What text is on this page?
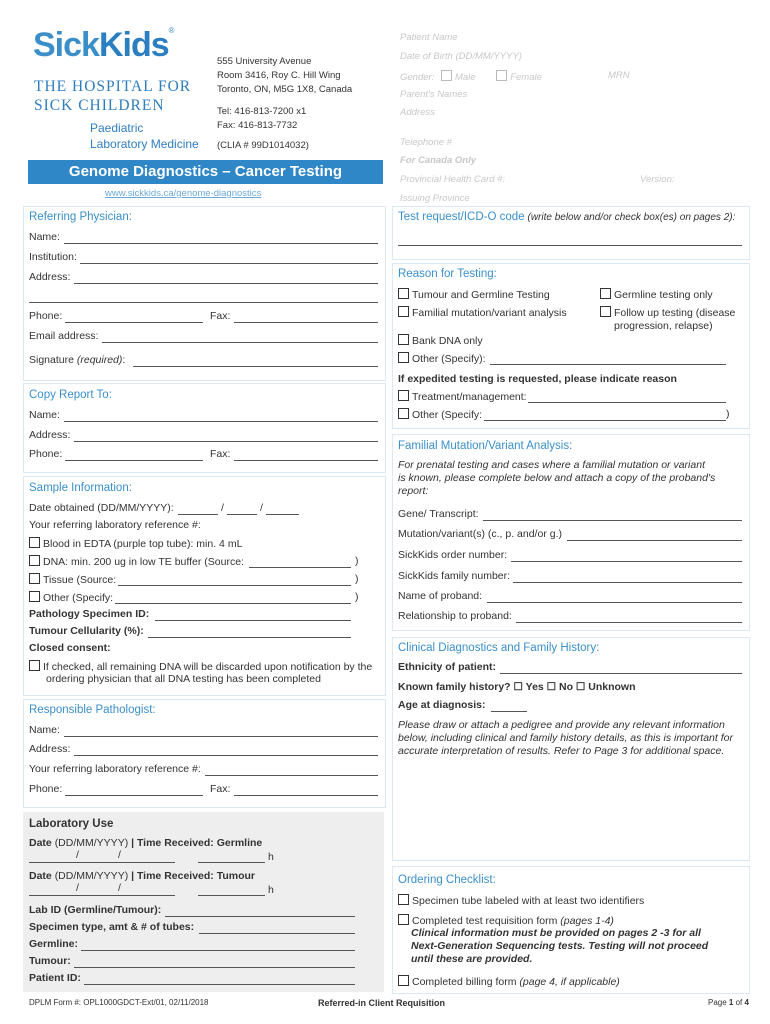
SickKids®
THE HOSPITAL FOR
SICK CHILDREN
Paediatric
Laboratory Medicine
555 University Avenue
Room 3416, Roy C. Hill Wing
Toronto, ON, M5G 1X8, Canada
Tel: 416-813-7200 x1
Fax: 416-813-7732
(CLIA # 99D1014032)
Genome Diagnostics – Cancer Testing
www.sickkids.ca/genome-diagnostics
Patient Name
Date of Birth (DD/MM/YYYY)
Gender: Male	Female	MRN
Parent's Names
Address
Telephone #
For Canada Only
Provincial Health Card #:	Version:
Issuing Province
Referring Physician:
Name:
Institution:
Address:
Phone:	Fax:
Email address:
Signature (required):
Copy Report To:
Name:
Address:
Phone:	Fax:
Sample Information:
Date obtained (DD/MM/YYYY):	/	/
Your referring laboratory reference #:
Blood in EDTA (purple top tube): min. 4 mL
DNA: min. 200 ug in low TE buffer (Source:	)
Tissue (Source:	)
Other (Specify:	)
Pathology Specimen ID:
Tumour Cellularity (%):
Closed consent:
If checked, all remaining DNA will be discarded upon notification by the
ordering physician that all DNA testing has been completed
Responsible Pathologist:
Name:
Address:
Your referring laboratory reference #:
Phone:	Fax:
Laboratory Use
Date (DD/MM/YYYY) | Time Received: Germline
/	/	h
Date (DD/MM/YYYY) | Time Received: Tumour
/	/	h
Lab ID (Germline/Tumour):
Specimen type, amt & # of tubes:
Germline:
Tumour:
Patient ID:
Test request/ICD-O code (write below and/or check box(es) on pages 2):
Reason for Testing:
Tumour and Germline Testing	Germline testing only
Familial mutation/variant analysis	Follow up testing (disease
progression, relapse)
Bank DNA only
Other (Specify):
If expedited testing is requested, please indicate reason
Treatment/management:
Other (Specify:	)
Familial Mutation/Variant Analysis:
For prenatal testing and cases where a familial mutation or variant
is known, please complete below and attach a copy of the proband's
report:
Gene/ Transcript:
Mutation/variant(s) (c., p. and/or g.)
SickKids order number:
SickKids family number:
Name of proband:
Relationship to proband:
Clinical Diagnostics and Family History:
Ethnicity of patient:
Known family history? ☐ Yes ☐ No ☐ Unknown
Age at diagnosis:
Please draw or attach a pedigree and provide any relevant information
below, including clinical and family history details, as this is important for
accurate interpretation of results. Refer to Page 3 for additional space.
Ordering Checklist:
Specimen tube labeled with at least two identifiers
Completed test requisition form (pages 1-4)
Clinical information must be provided on pages 2 -3 for all
Next-Generation Sequencing tests. Testing will not proceed
until these are provided.
Completed billing form (page 4, if applicable)
DPLM Form #: OPL1000GDCT-Ext/01, 02/11/2018	Referred-in Client Requisition	Page 1 of 4
